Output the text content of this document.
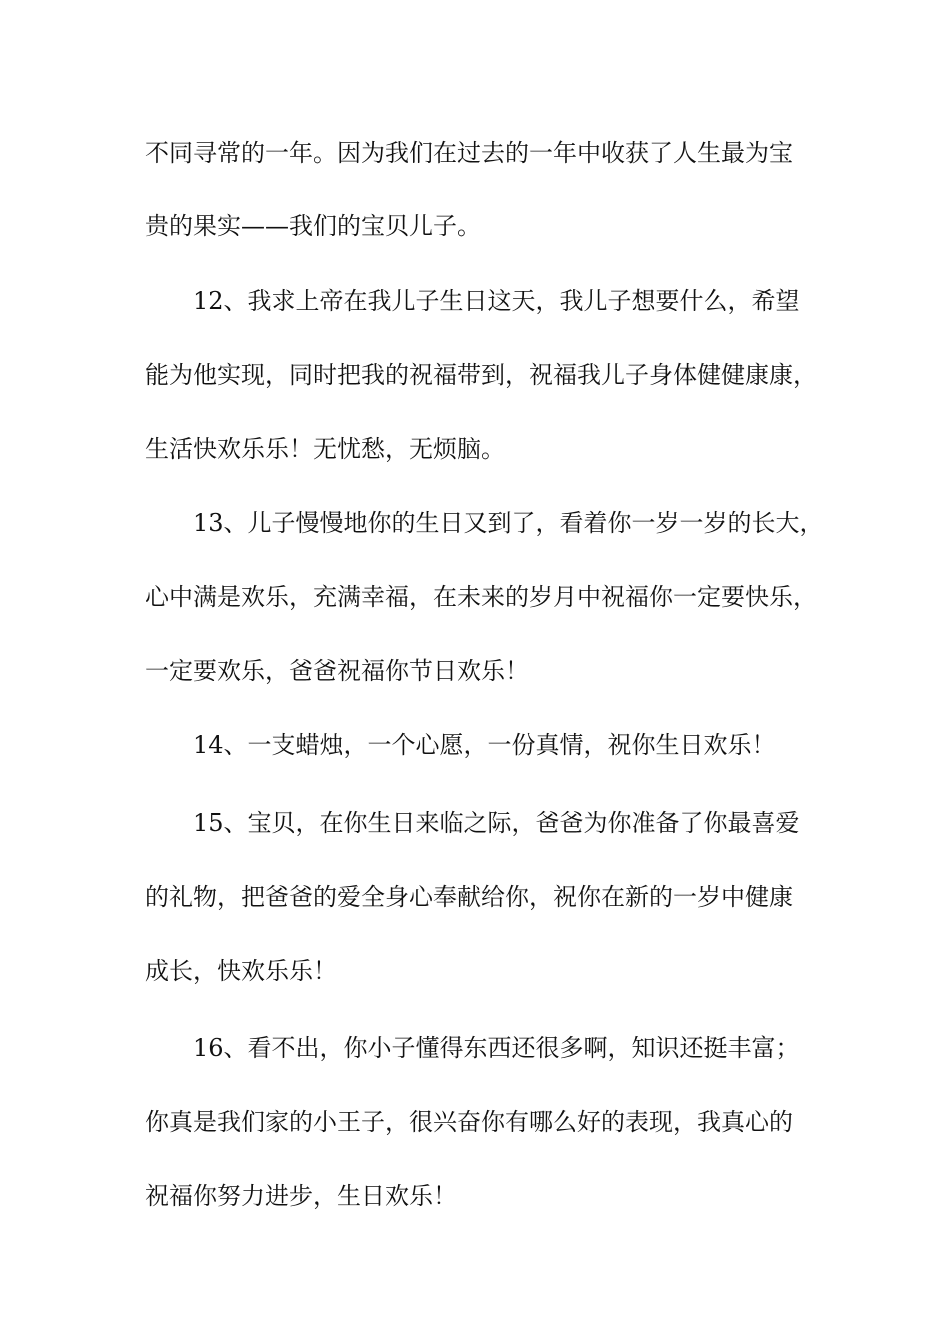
不同寻常的一年。因为我们在过去的一年中收获了人生最为宝
贵的果实——我们的宝贝儿子。
12、我求上帝在我儿子生日这天，我儿子想要什么，希望
能为他实现，同时把我的祝福带到，祝福我儿子身体健健康康，
生活快欢乐乐！无忧愁，无烦脑。
13、儿子慢慢地你的生日又到了，看着你一岁一岁的长大，
心中满是欢乐，充满幸福，在未来的岁月中祝福你一定要快乐，
一定要欢乐，爸爸祝福你节日欢乐！
14、一支蜡烛，一个心愿，一份真情，祝你生日欢乐！
15、宝贝，在你生日来临之际，爸爸为你准备了你最喜爱
的礼物，把爸爸的爱全身心奉献给你，祝你在新的一岁中健康
成长，快欢乐乐！
16、看不出，你小子懂得东西还很多啊，知识还挺丰富；
你真是我们家的小王子，很兴奋你有哪么好的表现，我真心的
祝福你努力进步，生日欢乐！
